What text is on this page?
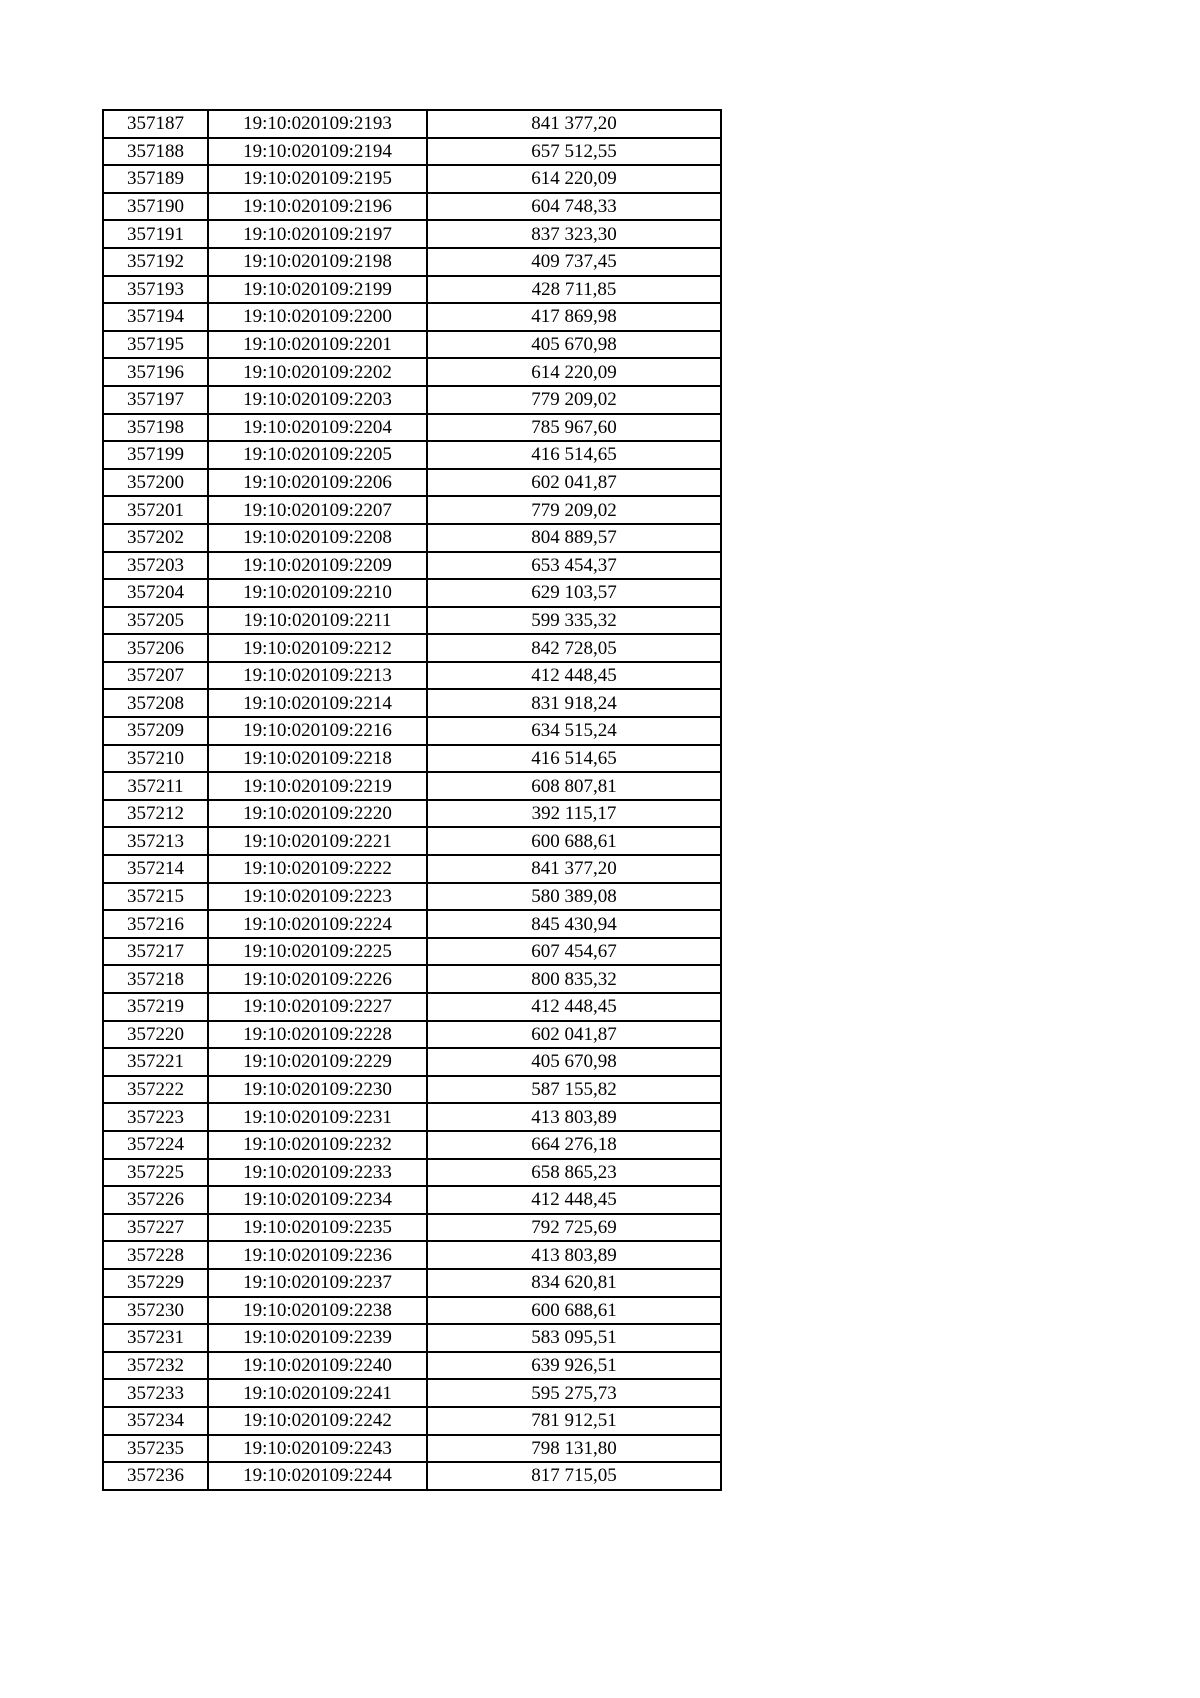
357187	19:10:020109:2193	841 377,20
357188	19:10:020109:2194	657 512,55
357189	19:10:020109:2195	614 220,09
357190	19:10:020109:2196	604 748,33
357191	19:10:020109:2197	837 323,30
357192	19:10:020109:2198	409 737,45
357193	19:10:020109:2199	428 711,85
357194	19:10:020109:2200	417 869,98
357195	19:10:020109:2201	405 670,98
357196	19:10:020109:2202	614 220,09
357197	19:10:020109:2203	779 209,02
357198	19:10:020109:2204	785 967,60
357199	19:10:020109:2205	416 514,65
357200	19:10:020109:2206	602 041,87
357201	19:10:020109:2207	779 209,02
357202	19:10:020109:2208	804 889,57
357203	19:10:020109:2209	653 454,37
357204	19:10:020109:2210	629 103,57
357205	19:10:020109:2211	599 335,32
357206	19:10:020109:2212	842 728,05
357207	19:10:020109:2213	412 448,45
357208	19:10:020109:2214	831 918,24
357209	19:10:020109:2216	634 515,24
357210	19:10:020109:2218	416 514,65
357211	19:10:020109:2219	608 807,81
357212	19:10:020109:2220	392 115,17
357213	19:10:020109:2221	600 688,61
357214	19:10:020109:2222	841 377,20
357215	19:10:020109:2223	580 389,08
357216	19:10:020109:2224	845 430,94
357217	19:10:020109:2225	607 454,67
357218	19:10:020109:2226	800 835,32
357219	19:10:020109:2227	412 448,45
357220	19:10:020109:2228	602 041,87
357221	19:10:020109:2229	405 670,98
357222	19:10:020109:2230	587 155,82
357223	19:10:020109:2231	413 803,89
357224	19:10:020109:2232	664 276,18
357225	19:10:020109:2233	658 865,23
357226	19:10:020109:2234	412 448,45
357227	19:10:020109:2235	792 725,69
357228	19:10:020109:2236	413 803,89
357229	19:10:020109:2237	834 620,81
357230	19:10:020109:2238	600 688,61
357231	19:10:020109:2239	583 095,51
357232	19:10:020109:2240	639 926,51
357233	19:10:020109:2241	595 275,73
357234	19:10:020109:2242	781 912,51
357235	19:10:020109:2243	798 131,80
357236	19:10:020109:2244	817 715,05
